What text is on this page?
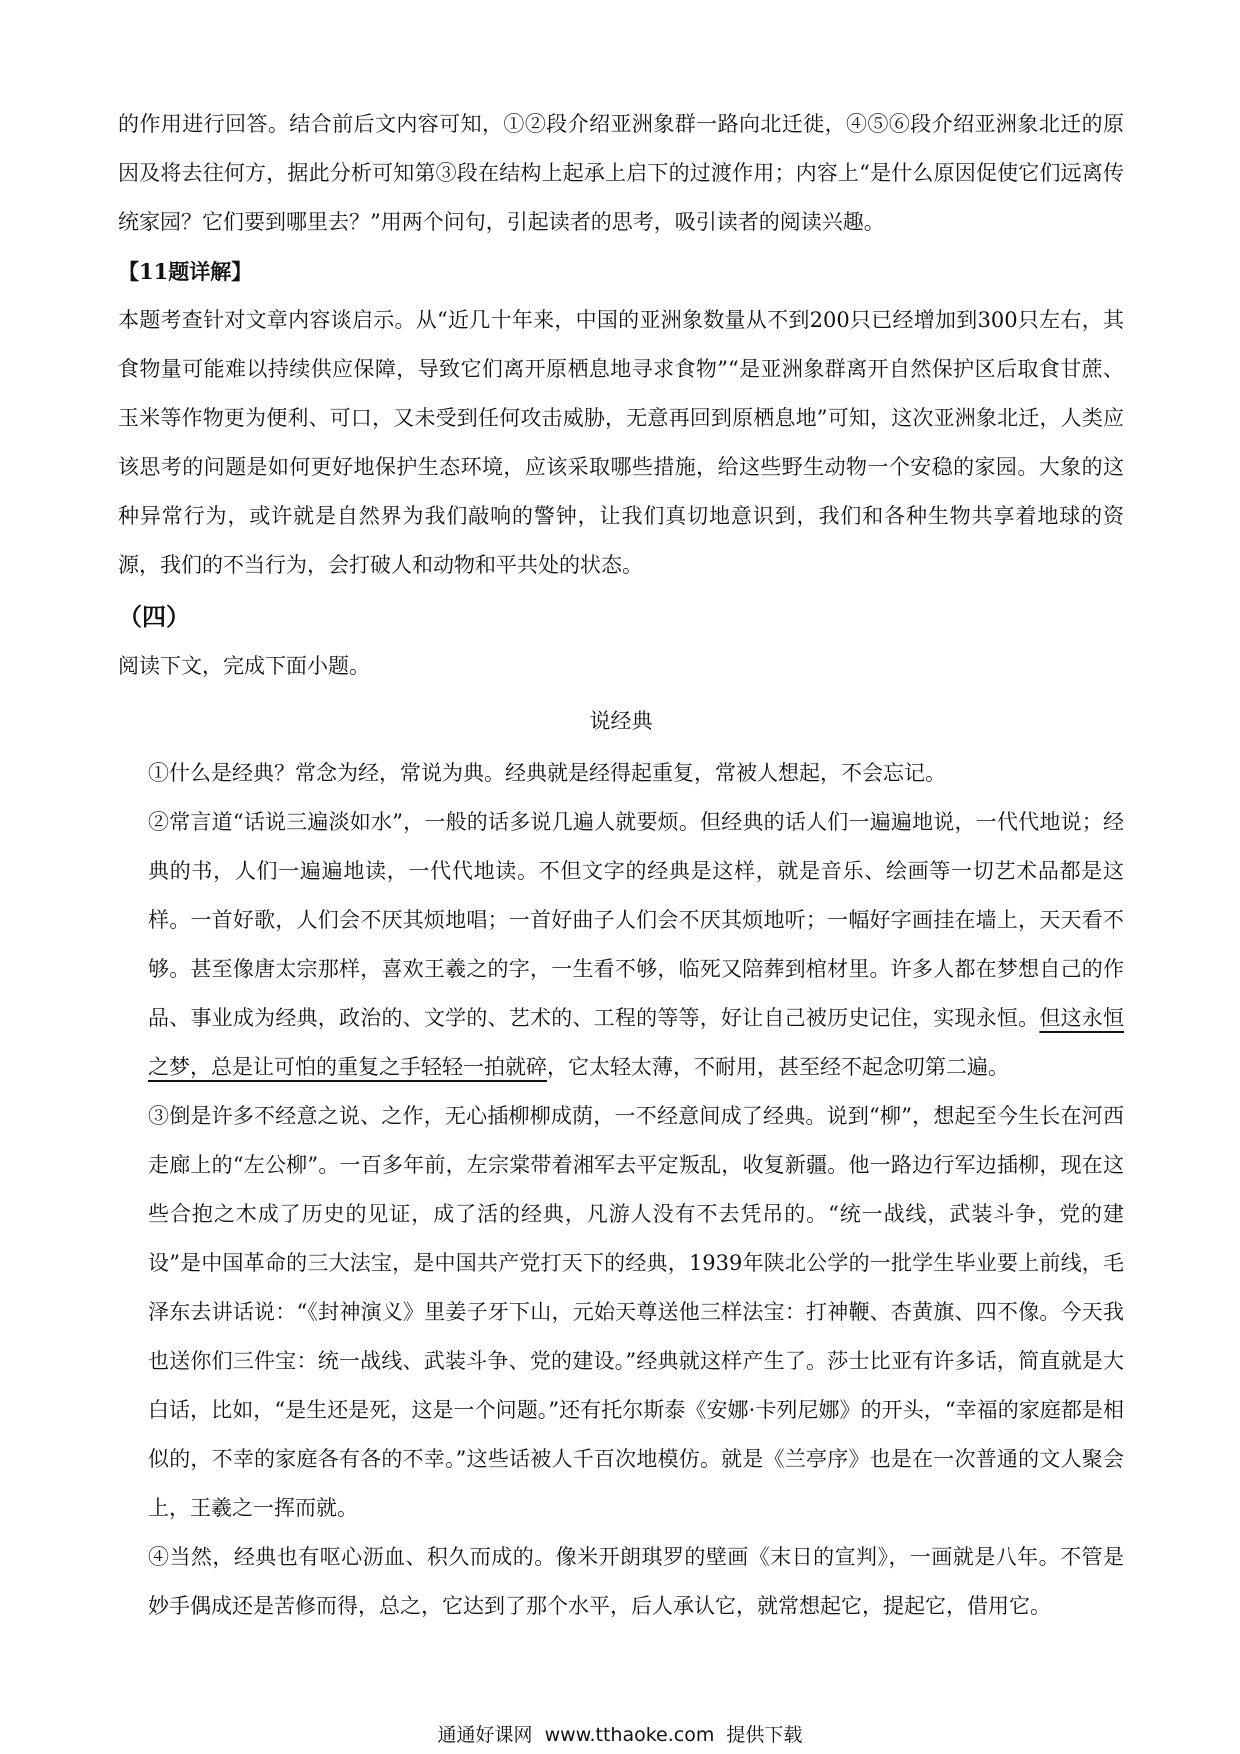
的作用进行回答。结合前后文内容可知，①②段介绍亚洲象群一路向北迁徙，④⑤⑥段介绍亚洲象北迁的原因及将去往何方，据此分析可知第③段在结构上起承上启下的过渡作用；内容上“是什么原因促使它们远离传统家园？它们要到哪里去？”用两个问句，引起读者的思考，吸引读者的阅读兴趣。

【11题详解】

本题考查针对文章内容谈启示。从“近几十年来，中国的亚洲象数量从不到200只已经增加到300只左右，其食物量可能难以持续供应保障，导致它们离开原栖息地寻求食物”“是亚洲象群离开自然保护区后取食甘蔗、玉米等作物更为便利、可口，又未受到任何攻击威胁，无意再回到原栖息地”可知，这次亚洲象北迁，人类应该思考的问题是如何更好地保护生态环境，应该采取哪些措施，给这些野生动物一个安稳的家园。大象的这种异常行为，或许就是自然界为我们敲响的警钟，让我们真切地意识到，我们和各种生物共享着地球的资源，我们的不当行为，会打破人和动物和平共处的状态。

（四）

阅读下文，完成下面小题。

说经典

①什么是经典？常念为经，常说为典。经典就是经得起重复，常被人想起，不会忘记。

②常言道“话说三遍淡如水”，一般的话多说几遍人就要烦。但经典的话人们一遍遍地说，一代代地说；经典的书，人们一遍遍地读，一代代地读。不但文字的经典是这样，就是音乐、绘画等一切艺术品都是这样。一首好歌，人们会不厌其烦地唱；一首好曲子人们会不厌其烦地听；一幅好字画挂在墙上，天天看不够。甚至像唐太宗那样，喜欢王羲之的字，一生看不够，临死又陪葬到棺材里。许多人都在梦想自己的作品、事业成为经典，政治的、文学的、艺术的、工程的等等，好让自己被历史记住，实现永恒。但这永恒之梦，总是让可怕的重复之手轻轻一拍就碎，它太轻太薄，不耐用，甚至经不起念叨第二遍。

③倒是许多不经意之说、之作，无心插柳柳成荫，一不经意间成了经典。说到“柳”，想起至今生长在河西走廊上的“左公柳”。一百多年前，左宗棠带着湘军去平定叛乱，收复新疆。他一路边行军边插柳，现在这些合抱之木成了历史的见证，成了活的经典，凡游人没有不去凭吊的。“统一战线，武装斗争，党的建设”是中国革命的三大法宝，是中国共产党打天下的经典，1939年陕北公学的一批学生毕业要上前线，毛泽东去讲话说：“《封神演义》里姜子牙下山，元始天尊送他三样法宝：打神鞭、杏黄旗、四不像。今天我也送你们三件宝：统一战线、武装斗争、党的建设。”经典就这样产生了。莎士比亚有许多话，简直就是大白话，比如，“是生还是死，这是一个问题。”还有托尔斯泰《安娜·卡列尼娜》的开头，“幸福的家庭都是相似的，不幸的家庭各有各的不幸。”这些话被人千百次地模仿。就是《兰亭序》也是在一次普通的文人聚会上，王羲之一挥而就。

④当然，经典也有呕心沥血、积久而成的。像米开朗琪罗的壁画《末日的宣判》，一画就是八年。不管是妙手偶成还是苦修而得，总之，它达到了那个水平，后人承认它，就常想起它，提起它，借用它。

通通好课网 www.tthaoke.com 提供下载
